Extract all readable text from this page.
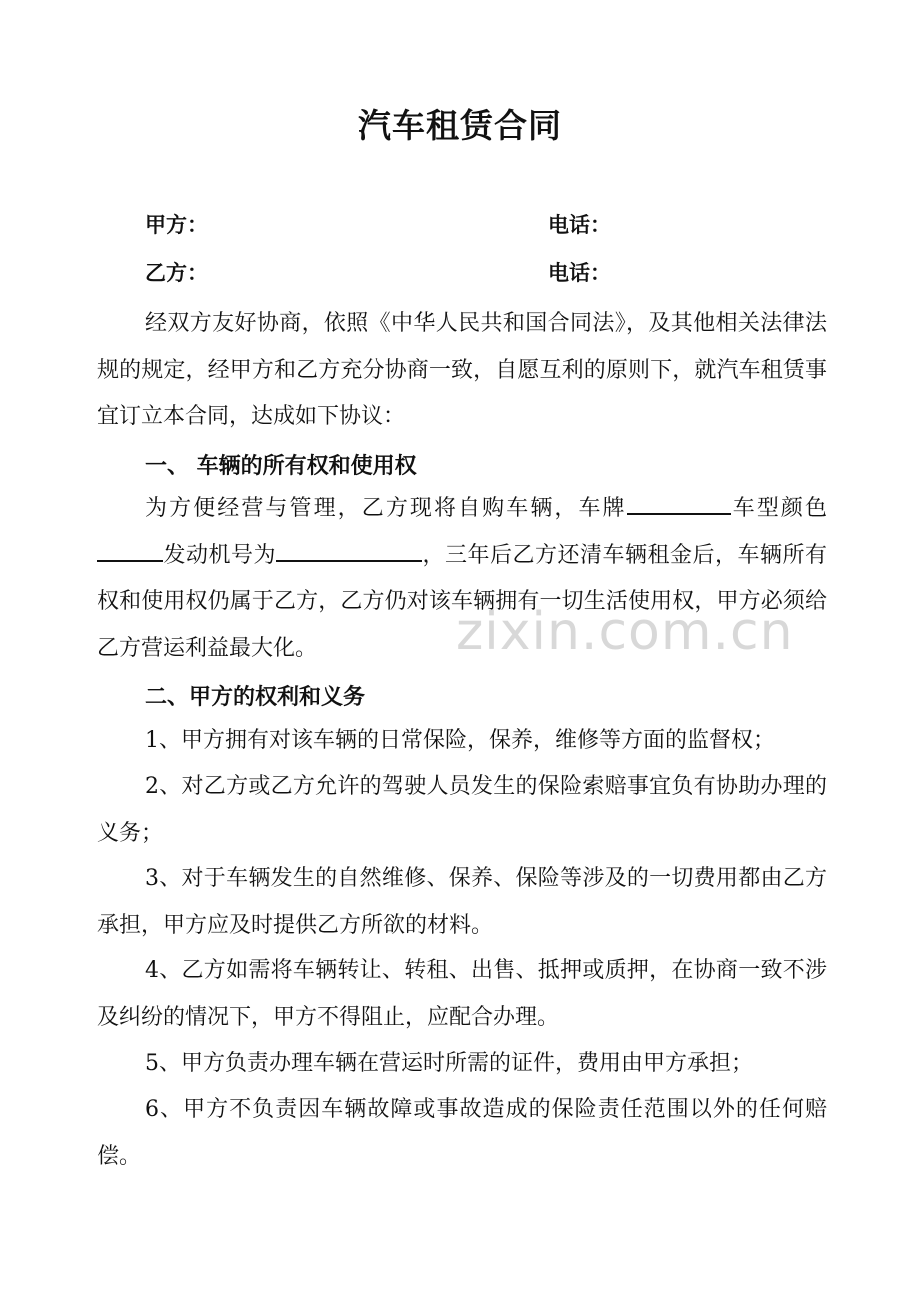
汽车租赁合同
甲方：	电话：
乙方：	电话：
经双方友好协商，依照《中华人民共和国合同法》，及其他相关法律法规的规定，经甲方和乙方充分协商一致，自愿互利的原则下，就汽车租赁事宜订立本合同，达成如下协议：
一、 车辆的所有权和使用权
为方便经营与管理，乙方现将自购车辆，车牌	车型颜色发动机号为	，三年后乙方还清车辆租金后，车辆所有权和使用权仍属于乙方，乙方仍对该车辆拥有一切生活使用权，甲方必须给乙方营运利益最大化。
二、甲方的权利和义务
1、甲方拥有对该车辆的日常保险，保养，维修等方面的监督权；
2、对乙方或乙方允许的驾驶人员发生的保险索赔事宜负有协助办理的义务；
3、对于车辆发生的自然维修、保养、保险等涉及的一切费用都由乙方承担，甲方应及时提供乙方所欲的材料。
4、乙方如需将车辆转让、转租、出售、抵押或质押，在协商一致不涉及纠纷的情况下，甲方不得阻止，应配合办理。
5、甲方负责办理车辆在营运时所需的证件，费用由甲方承担；
6、甲方不负责因车辆故障或事故造成的保险责任范围以外的任何赔偿。
zixin.com.cn
